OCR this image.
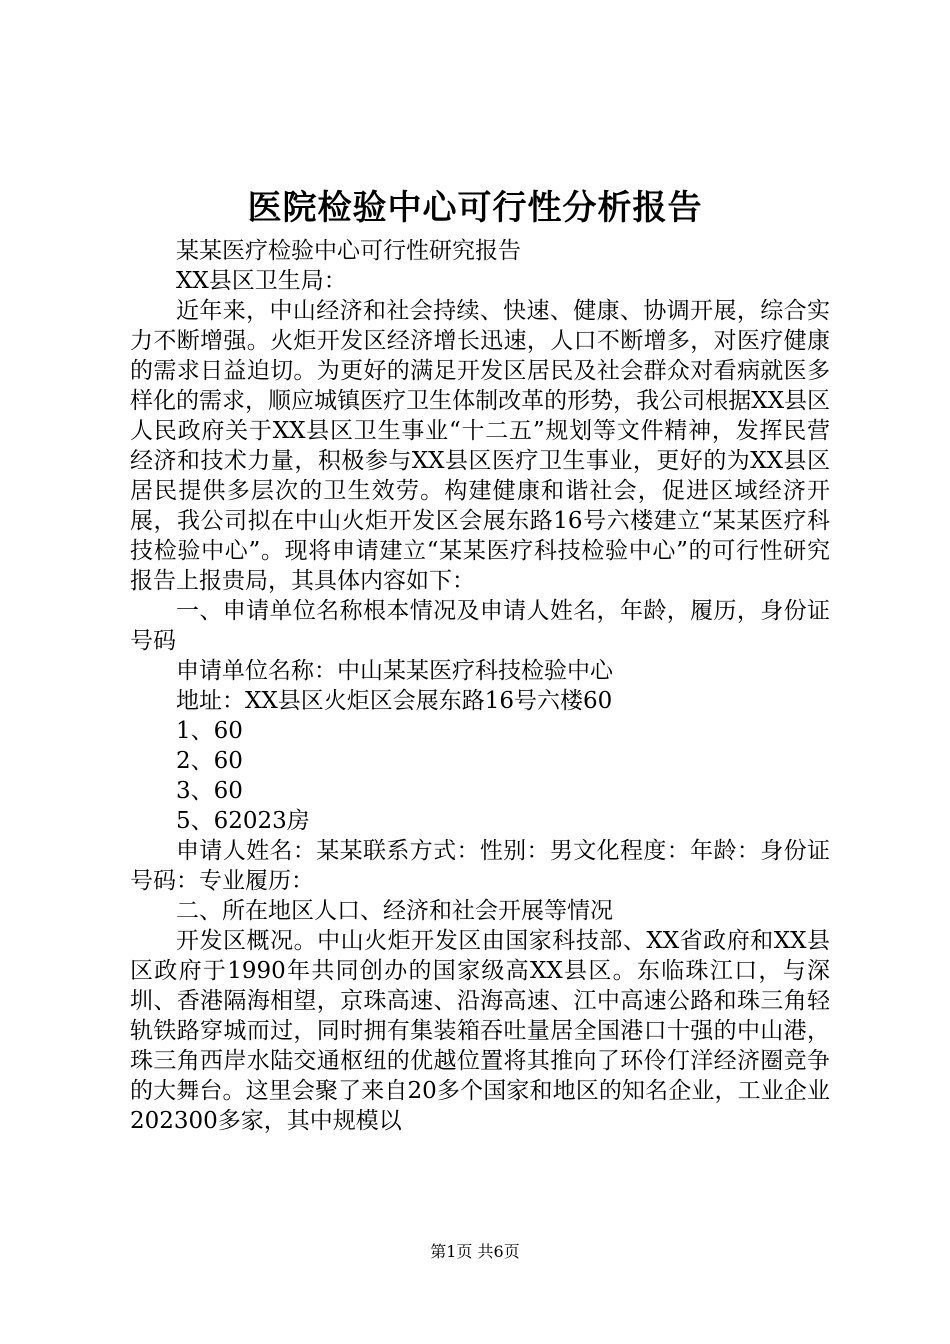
医院检验中心可行性分析报告

某某医疗检验中心可行性研究报告

XX县区卫生局：

近年来，中山经济和社会持续、快速、健康、协调开展，综合实力不断增强。火炬开发区经济增长迅速，人口不断增多，对医疗健康的需求日益迫切。为更好的满足开发区居民及社会群众对看病就医多样化的需求，顺应城镇医疗卫生体制改革的形势，我公司根据XX县区人民政府关于XX县区卫生事业“十二五”规划等文件精神，发挥民营经济和技术力量，积极参与XX县区医疗卫生事业，更好的为XX县区居民提供多层次的卫生效劳。构建健康和谐社会，促进区域经济开展，我公司拟在中山火炬开发区会展东路16号六楼建立“某某医疗科技检验中心”。现将申请建立“某某医疗科技检验中心”的可行性研究报告上报贵局，其具体内容如下：

一、申请单位名称根本情况及申请人姓名，年龄，履历，身份证号码

申请单位名称：中山某某医疗科技检验中心

地址：XX县区火炬区会展东路16号六楼60

1、60

2、60

3、60

5、62023房

申请人姓名：某某联系方式：性别：男文化程度：年龄：身份证号码：专业履历：

二、所在地区人口、经济和社会开展等情况

开发区概况。中山火炬开发区由国家科技部、XX省政府和XX县区政府于1990年共同创办的国家级高XX县区。东临珠江口，与深圳、香港隔海相望，京珠高速、沿海高速、江中高速公路和珠三角轻轨铁路穿城而过，同时拥有集装箱吞吐量居全国港口十强的中山港，珠三角西岸水陆交通枢纽的优越位置将其推向了环伶仃洋经济圈竞争的大舞台。这里会聚了来自20多个国家和地区的知名企业，工业企业202300多家，其中规模以

第1页 共6页
